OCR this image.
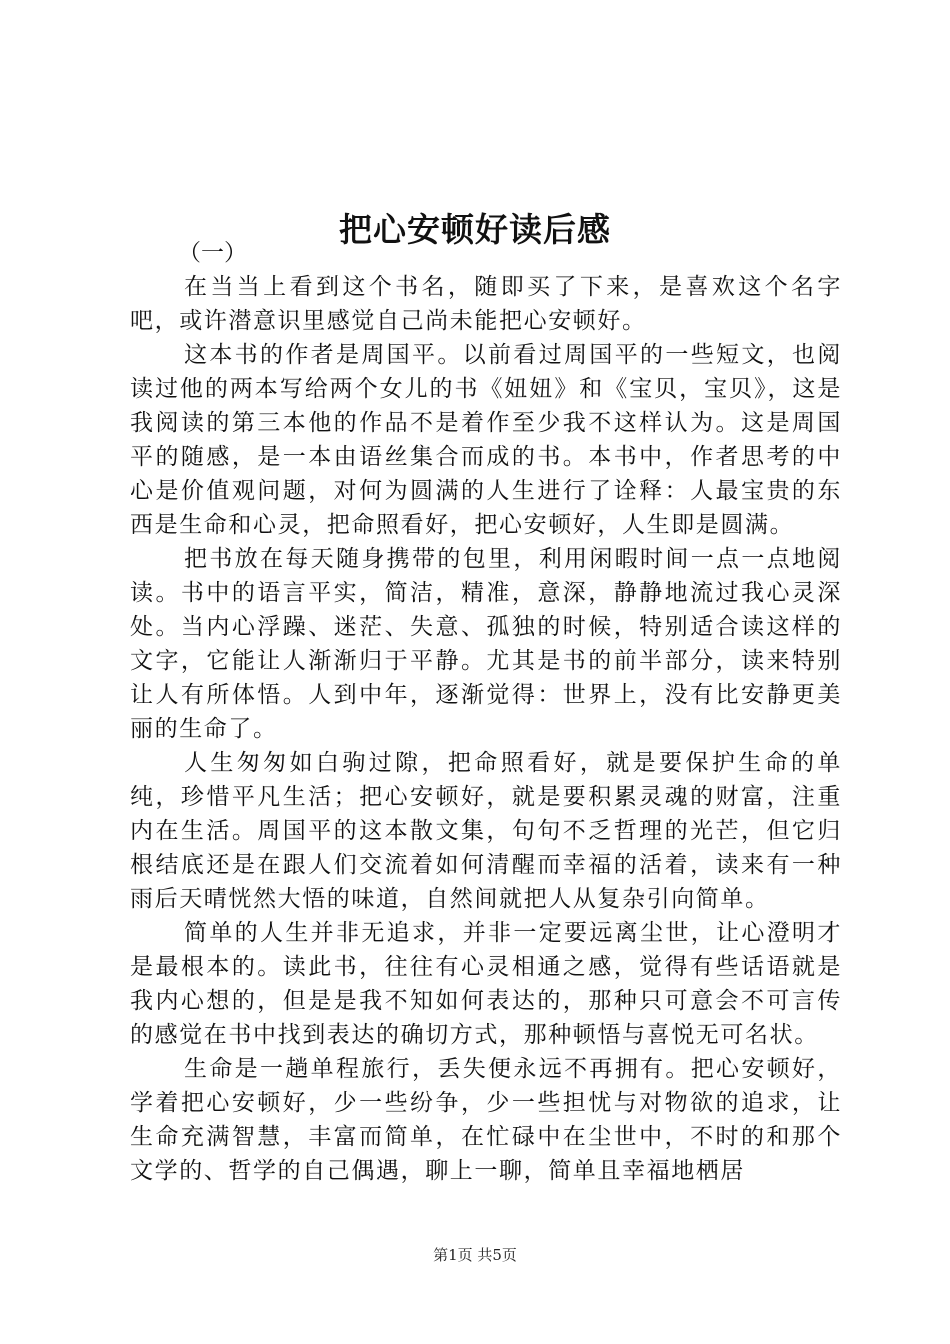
把心安顿好读后感

（一）

在当当上看到这个书名，随即买了下来，是喜欢这个名字吧，或许潜意识里感觉自己尚未能把心安顿好。

这本书的作者是周国平。以前看过周国平的一些短文，也阅读过他的两本写给两个女儿的书《妞妞》和《宝贝，宝贝》，这是我阅读的第三本他的作品不是着作至少我不这样认为。这是周国平的随感，是一本由语丝集合而成的书。本书中，作者思考的中心是价值观问题，对何为圆满的人生进行了诠释：人最宝贵的东西是生命和心灵，把命照看好，把心安顿好，人生即是圆满。

把书放在每天随身携带的包里，利用闲暇时间一点一点地阅读。书中的语言平实，简洁，精准，意深，静静地流过我心灵深处。当内心浮躁、迷茫、失意、孤独的时候，特别适合读这样的文字，它能让人渐渐归于平静。尤其是书的前半部分，读来特别让人有所体悟。人到中年，逐渐觉得：世界上，没有比安静更美丽的生命了。

人生匆匆如白驹过隙，把命照看好，就是要保护生命的单纯，珍惜平凡生活；把心安顿好，就是要积累灵魂的财富，注重内在生活。周国平的这本散文集，句句不乏哲理的光芒，但它归根结底还是在跟人们交流着如何清醒而幸福的活着，读来有一种雨后天晴恍然大悟的味道，自然间就把人从复杂引向简单。

简单的人生并非无追求，并非一定要远离尘世，让心澄明才是最根本的。读此书，往往有心灵相通之感，觉得有些话语就是我内心想的，但是是我不知如何表达的，那种只可意会不可言传的感觉在书中找到表达的确切方式，那种顿悟与喜悦无可名状。

生命是一趟单程旅行，丢失便永远不再拥有。把心安顿好，学着把心安顿好，少一些纷争，少一些担忧与对物欲的追求，让生命充满智慧，丰富而简单，在忙碌中在尘世中，不时的和那个文学的、哲学的自己偶遇，聊上一聊，简单且幸福地栖居

第1页 共5页
